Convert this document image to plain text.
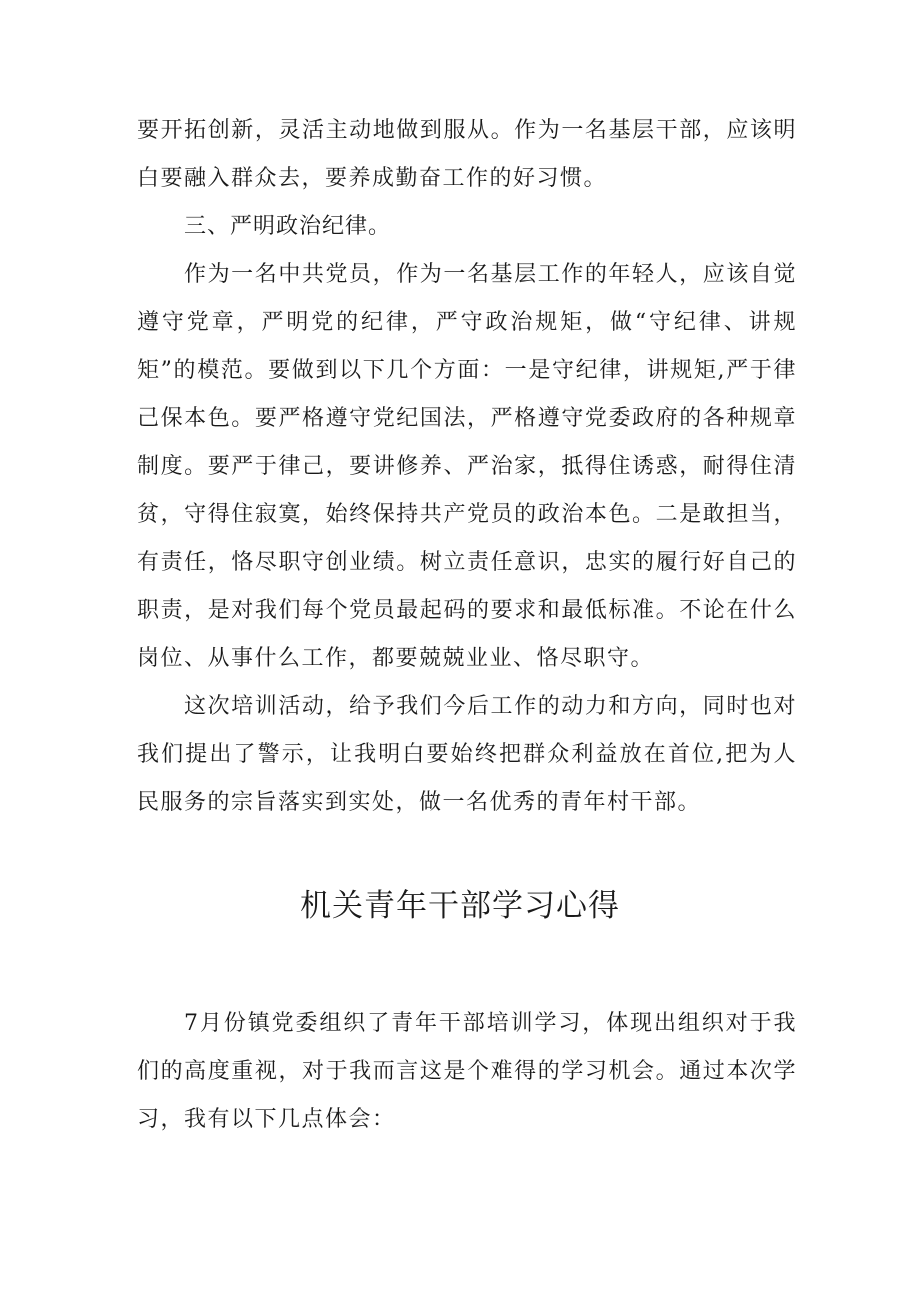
要开拓创新，灵活主动地做到服从。作为一名基层干部，应该明白要融入群众去，要养成勤奋工作的好习惯。

三、严明政治纪律。

作为一名中共党员，作为一名基层工作的年轻人，应该自觉遵守党章，严明党的纪律，严守政治规矩，做“守纪律、讲规矩”的模范。要做到以下几个方面：一是守纪律，讲规矩,严于律己保本色。要严格遵守党纪国法，严格遵守党委政府的各种规章制度。要严于律己，要讲修养、严治家，抵得住诱惑，耐得住清贫，守得住寂寞，始终保持共产党员的政治本色。二是敢担当，有责任，恪尽职守创业绩。树立责任意识，忠实的履行好自己的职责，是对我们每个党员最起码的要求和最低标准。不论在什么岗位、从事什么工作，都要兢兢业业、恪尽职守。

这次培训活动，给予我们今后工作的动力和方向，同时也对我们提出了警示，让我明白要始终把群众利益放在首位,把为人民服务的宗旨落实到实处，做一名优秀的青年村干部。

机关青年干部学习心得

7月份镇党委组织了青年干部培训学习，体现出组织对于我们的高度重视，对于我而言这是个难得的学习机会。通过本次学习，我有以下几点体会：
